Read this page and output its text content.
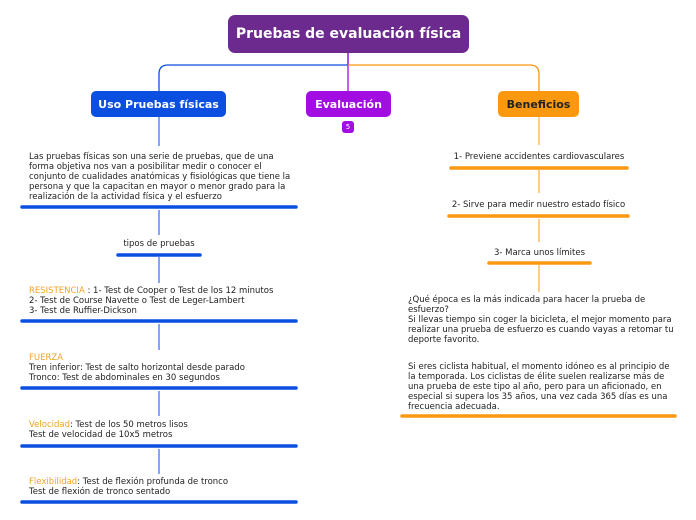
Pruebas de evaluación física
Uso Pruebas físicas	Evaluación
5
Beneficios
Las pruebas físicas son una serie de pruebas, que de una
forma objetiva nos van a posibilitar medir o conocer el
conjunto de cualidades anatómicas y fisiológicas que tiene la
persona y que la capacitan en mayor o menor grado para la
realización de la actividad física y el esfuerzo
tipos de pruebas
RESISTENCIA : 1- Test de Cooper o Test de los 12 minutos
2- Test de Course Navette o Test de Leger-Lambert
3- Test de Ruffier-Dickson
FUERZA
Tren inferior: Test de salto horizontal desde parado
Tronco: Test de abdominales en 30 segundos
Velocidad: Test de los 50 metros lisos
Test de velocidad de 10x5 metros
Flexibilidad: Test de flexión profunda de tronco
Test de flexión de tronco sentado
1- Previene accidentes cardiovasculares
2- Sirve para medir nuestro estado físico
3- Marca unos límites
¿Qué época es la más indicada para hacer la prueba de
esfuerzo?
Si llevas tiempo sin coger la bicicleta, el mejor momento para
realizar una prueba de esfuerzo es cuando vayas a retomar tu
deporte favorito.
Si eres ciclista habitual, el momento idóneo es al principio de
la temporada. Los ciclistas de élite suelen realizarse más de
una prueba de este tipo al año, pero para un aficionado, en
especial si supera los 35 años, una vez cada 365 días es una
frecuencia adecuada.
